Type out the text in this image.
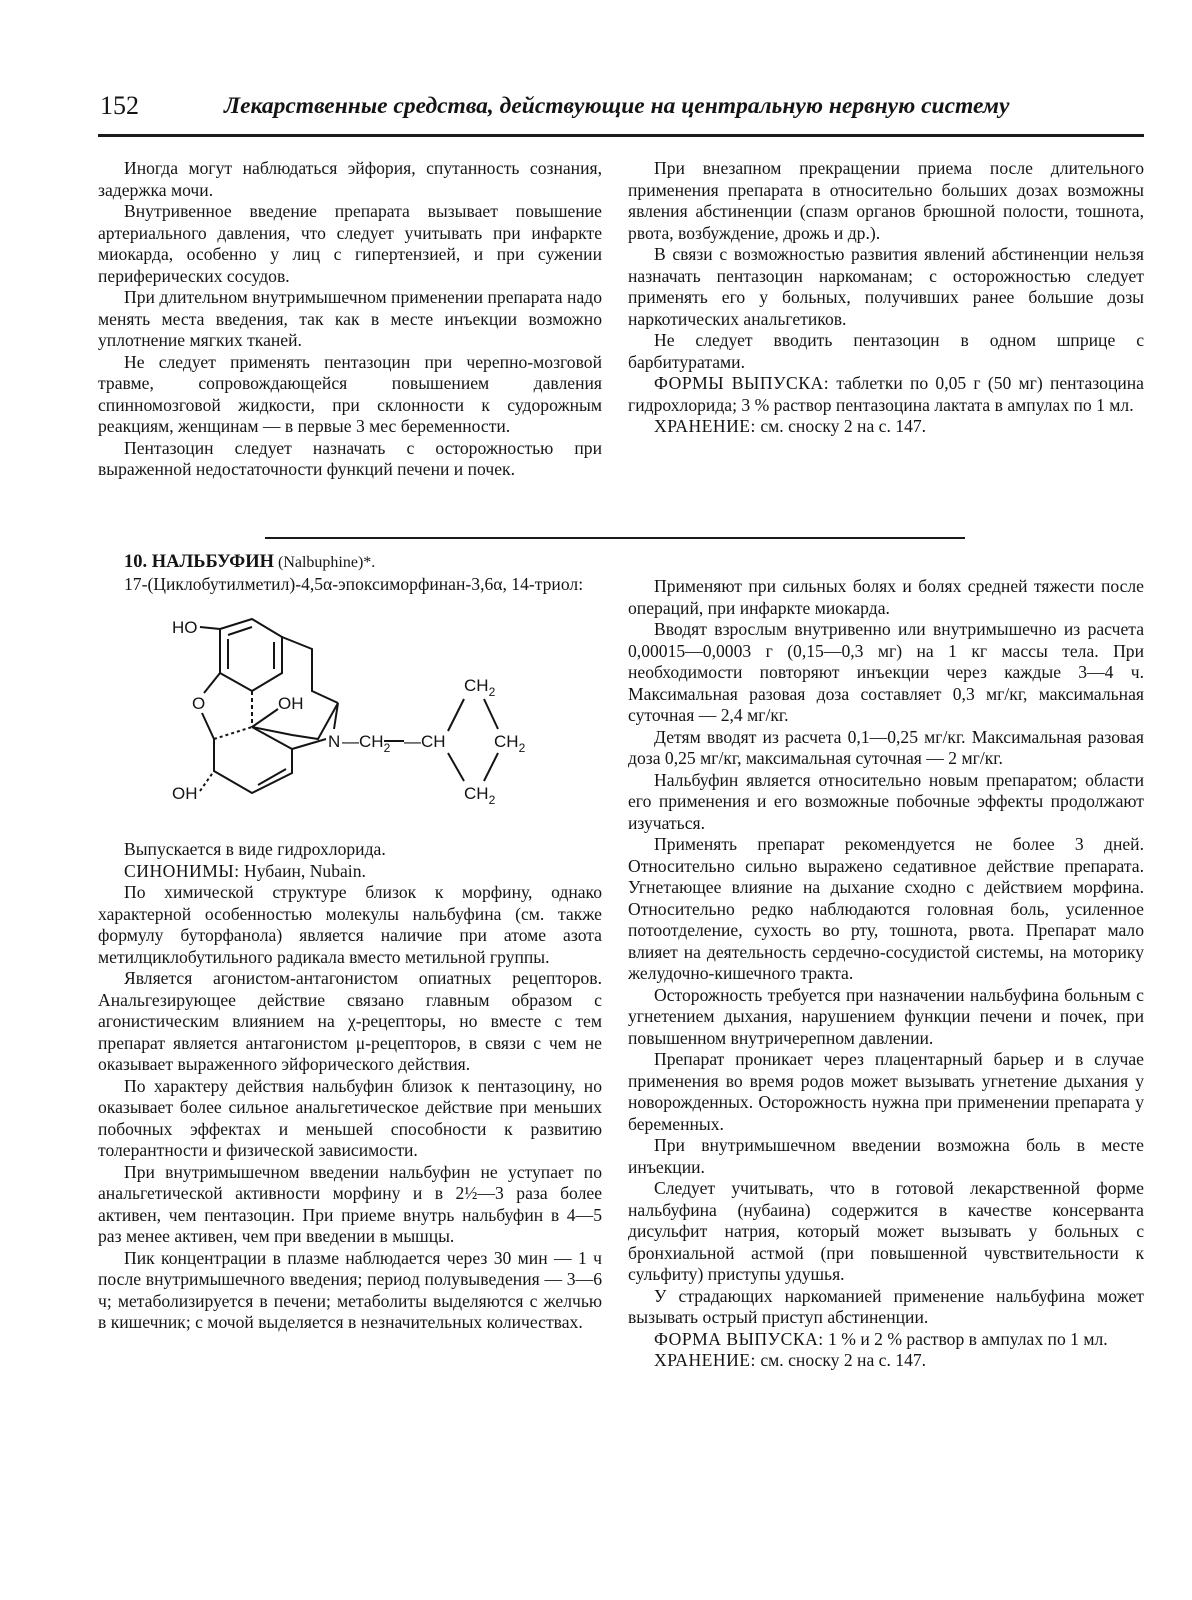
152	Лекарственные средства, действующие на центральную нервную систему

Иногда могут наблюдаться эйфория, спутанность сознания, задержка мочи.

Внутривенное введение препарата вызывает повышение артериального давления, что следует учитывать при инфаркте миокарда, особенно у лиц с гипертензией, и при сужении периферических сосудов.

При длительном внутримышечном применении препарата надо менять места введения, так как в месте инъекции возможно уплотнение мягких тканей.

Не следует применять пентазоцин при черепно-мозговой травме, сопровождающейся повышением давления спинномозговой жидкости, при склонности к судорожным реакциям, женщинам — в первые 3 мес беременности.

Пентазоцин следует назначать с осторожностью при выраженной недостаточности функций печени и почек.

При внезапном прекращении приема после длительного применения препарата в относительно больших дозах возможны явления абстиненции (спазм органов брюшной полости, тошнота, рвота, возбуждение, дрожь и др.).

В связи с возможностью развития явлений абстиненции нельзя назначать пентазоцин наркоманам; с осторожностью следует применять его у больных, получивших ранее большие дозы наркотических анальгетиков.

Не следует вводить пентазоцин в одном шприце с барбитуратами.

ФОРМЫ ВЫПУСКА: таблетки по 0,05 г (50 мг) пентазоцина гидрохлорида; 3 % раствор пентазоцина лактата в ампулах по 1 мл.

ХРАНЕНИЕ: см. сноску 2 на с. 147.

10. НАЛЬБУФИН (Nalbuphine)*.

17-(Циклобутилметил)-4,5α-эпоксиморфинан-3,6α, 14-триол:

HO
O	OH
N $—CH_2$ —CH
$CH_2$
$CH_2$
$CH_2$
OH

Выпускается в виде гидрохлорида.

СИНОНИМЫ: Нубаин, Nubain.

По химической структуре близок к морфину, однако характерной особенностью молекулы нальбуфина (см. также формулу буторфанола) является наличие при атоме азота метилциклобутильного радикала вместо метильной группы.

Является агонистом-антагонистом опиатных рецепторов. Анальгезирующее действие связано главным образом с агонистическим влиянием на χ-рецепторы, но вместе с тем препарат является антагонистом μ-рецепторов, в связи с чем не оказывает выраженного эйфорического действия.

По характеру действия нальбуфин близок к пентазоцину, но оказывает более сильное анальгетическое действие при меньших побочных эффектах и меньшей способности к развитию толерантности и физической зависимости.

При внутримышечном введении нальбуфин не уступает по анальгетической активности морфину и в 2½—3 раза более активен, чем пентазоцин. При приеме внутрь нальбуфин в 4—5 раз менее активен, чем при введении в мышцы.

Пик концентрации в плазме наблюдается через 30 мин — 1 ч после внутримышечного введения; период полувыведения — 3—6 ч; метаболизируется в печени; метаболиты выделяются с желчью в кишечник; с мочой выделяется в незначительных количествах.

Применяют при сильных болях и болях средней тяжести после операций, при инфаркте миокарда.

Вводят взрослым внутривенно или внутримышечно из расчета 0,00015—0,0003 г (0,15—0,3 мг) на 1 кг массы тела. При необходимости повторяют инъекции через каждые 3—4 ч. Максимальная разовая доза составляет 0,3 мг/кг, максимальная суточная — 2,4 мг/кг.

Детям вводят из расчета 0,1—0,25 мг/кг. Максимальная разовая доза 0,25 мг/кг, максимальная суточная — 2 мг/кг.

Нальбуфин является относительно новым препаратом; области его применения и его возможные побочные эффекты продолжают изучаться.

Применять препарат рекомендуется не более 3 дней. Относительно сильно выражено седативное действие препарата. Угнетающее влияние на дыхание сходно с действием морфина. Относительно редко наблюдаются головная боль, усиленное потоотделение, сухость во рту, тошнота, рвота. Препарат мало влияет на деятельность сердечно-сосудистой системы, на моторику желудочно-кишечного тракта.

Осторожность требуется при назначении нальбуфина больным с угнетением дыхания, нарушением функции печени и почек, при повышенном внутричерепном давлении.

Препарат проникает через плацентарный барьер и в случае применения во время родов может вызывать угнетение дыхания у новорожденных. Осторожность нужна при применении препарата у беременных.

При внутримышечном введении возможна боль в месте инъекции.

Следует учитывать, что в готовой лекарственной форме нальбуфина (нубаина) содержится в качестве консерванта дисульфит натрия, который может вызывать у больных с бронхиальной астмой (при повышенной чувствительности к сульфиту) приступы удушья.

У страдающих наркоманией применение нальбуфина может вызывать острый приступ абстиненции.

ФОРМА ВЫПУСКА: 1 % и 2 % раствор в ампулах по 1 мл.

ХРАНЕНИЕ: см. сноску 2 на с. 147.
